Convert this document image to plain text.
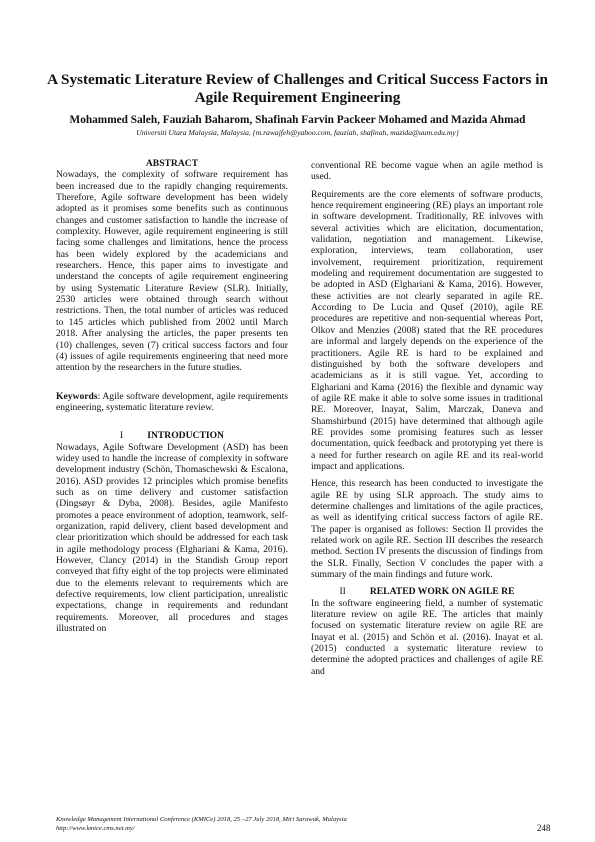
A Systematic Literature Review of Challenges and Critical Success Factors in Agile Requirement Engineering
Mohammed Saleh, Fauziah Baharom, Shafinah Farvin Packeer Mohamed and Mazida Ahmad
Universiti Utara Malaysia, Malaysia, {m.rawajfeh@yahoo.com, fauziah, shafinah, mazida@uum.edu.my}
ABSTRACT

Nowadays, the complexity of software requirement has been increased due to the rapidly changing requirements. Therefore, Agile software development has been widely adopted as it promises some benefits such as continuous changes and customer satisfaction to handle the increase of complexity. However, agile requirement engineering is still facing some challenges and limitations, hence the process has been widely explored by the academicians and researchers. Hence, this paper aims to investigate and understand the concepts of agile requirement engineering by using Systematic Literature Review (SLR). Initially, 2530 articles were obtained through search without restrictions. Then, the total number of articles was reduced to 145 articles which published from 2002 until March 2018. After analysing the articles, the paper presents ten (10) challenges, seven (7) critical success factors and four (4) issues of agile requirements engineering that need more attention by the researchers in the future studies.

Keywords: Agile software development, agile requirements engineering, systematic literature review.

I	INTRODUCTION

Nowadays, Agile Software Development (ASD) has been widey used to handle the increase of complexity in software development industry (Schön, Thomaschewski & Escalona, 2016). ASD provides 12 principles which promise benefits such as on time delivery and customer satisfaction (Dingsøyr & Dyba, 2008). Besides, agile Manifesto promotes a peace environment of adoption, teamwork, self-organization, rapid delivery, client based development and clear prioritization which should be addressed for each task in agile methodology process (Elghariani & Kama, 2016). However, Clancy (2014) in the Standish Group report conveyed that fifty eight of the top projects were eliminated due to the elements relevant to requirements which are defective requirements, low client participation, unrealistic expectations, change in requirements and redundant requirements. Moreover, all procedures and stages illustrated on

conventional RE become vague when an agile method is used.

Requirements are the core elements of software products, hence requirement engineering (RE) plays an important role in software development. Traditionally, RE inlvoves with several activities which are elicitation, documentation, validation, negotiation and management. Likewise, exploration, interviews, team collaboration, user involvement, requirement prioritization, requirement modeling and requirement documentation are suggested to be adopted in ASD (Elghariani & Kama, 2016). However, these activities are not clearly separated in agile RE. According to De Lucia and Qusef (2010), agile RE procedures are repetitive and non-sequential whereas Port, Olkov and Menzies (2008) stated that the RE procedures are informal and largely depends on the experience of the practitioners. Agile RE is hard to be explained and distinguished by both the software developers and academicians as it is still vague. Yet, according to Elghariani and Kama (2016) the flexible and dynamic way of agile RE make it able to solve some issues in traditional RE. Moreover, Inayat, Salim, Marczak, Daneva and Shamshirbund (2015) have determined that although agile RE provides some promising features such as lesser documentation, quick feedback and prototyping yet there is a need for further research on agile RE and its real-world impact and applications.

Hence, this research has been conducted to investigate the agile RE by using SLR approach. The study aims to determine challenges and limitations of the agile practices, as well as identifying critical success factors of agile RE. The paper is organised as follows: Section II provides the related work on agile RE. Section III describes the research method. Section IV presents the discussion of findings from the SLR. Finally, Section V concludes the paper with a summary of the main findings and future work.

II	RELATED WORK ON AGILE RE

In the software engineering field, a number of systematic literature review on agile RE. The articles that mainly focused on systematic literature review on agile RE are Inayat et al. (2015) and Schön et al. (2016). Inayat et al. (2015) conducted a systematic literature review to determine the adopted practices and challenges of agile RE and

Knowledge Management International Conference (KMICe) 2018, 25 –27 July 2018, Miri Sarawak, Malaysia
http://www.kmice.cms.net.my/	248
